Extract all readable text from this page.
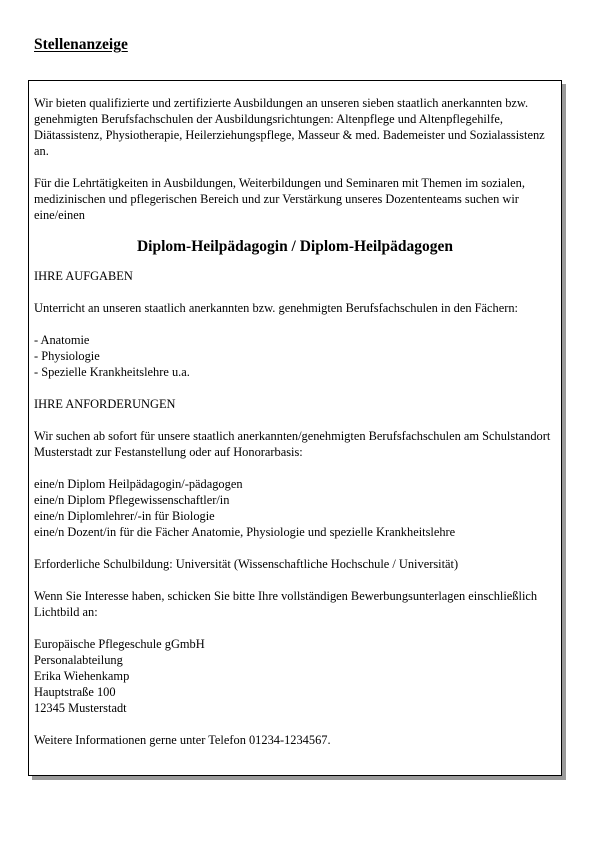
Stellenanzeige

Wir bieten qualifizierte und zertifizierte Ausbildungen an unseren sieben staatlich anerkannten bzw. genehmigten Berufsfachschulen der Ausbildungsrichtungen: Altenpflege und Altenpflegehilfe, Diätassistenz, Physiotherapie, Heilerziehungspflege, Masseur & med. Bademeister und Sozialassistenz an.

Für die Lehrtätigkeiten in Ausbildungen, Weiterbildungen und Seminaren mit Themen im sozialen, medizinischen und pflegerischen Bereich und zur Verstärkung unseres Dozententeams suchen wir eine/einen

Diplom-Heilpädagogin / Diplom-Heilpädagogen
IHRE AUFGABEN

Unterricht an unseren staatlich anerkannten bzw. genehmigten Berufsfachschulen in den Fächern:

- Anatomie
- Physiologie
- Spezielle Krankheitslehre u.a.
IHRE ANFORDERUNGEN

Wir suchen ab sofort für unsere staatlich anerkannten/genehmigten Berufsfachschulen am Schulstandort Musterstadt zur Festanstellung oder auf Honorarbasis:

eine/n Diplom Heilpädagogin/-pädagogen
eine/n Diplom Pflegewissenschaftler/in
eine/n Diplomlehrer/-in für Biologie
eine/n Dozent/in für die Fächer Anatomie, Physiologie und spezielle Krankheitslehre

Erforderliche Schulbildung: Universität (Wissenschaftliche Hochschule / Universität)

Wenn Sie Interesse haben, schicken Sie bitte Ihre vollständigen Bewerbungsunterlagen einschließlich Lichtbild an:

Europäische Pflegeschule gGmbH
Personalabteilung
Erika Wiehenkamp
Hauptstraße 100
12345 Musterstadt

Weitere Informationen gerne unter Telefon 01234-1234567.
